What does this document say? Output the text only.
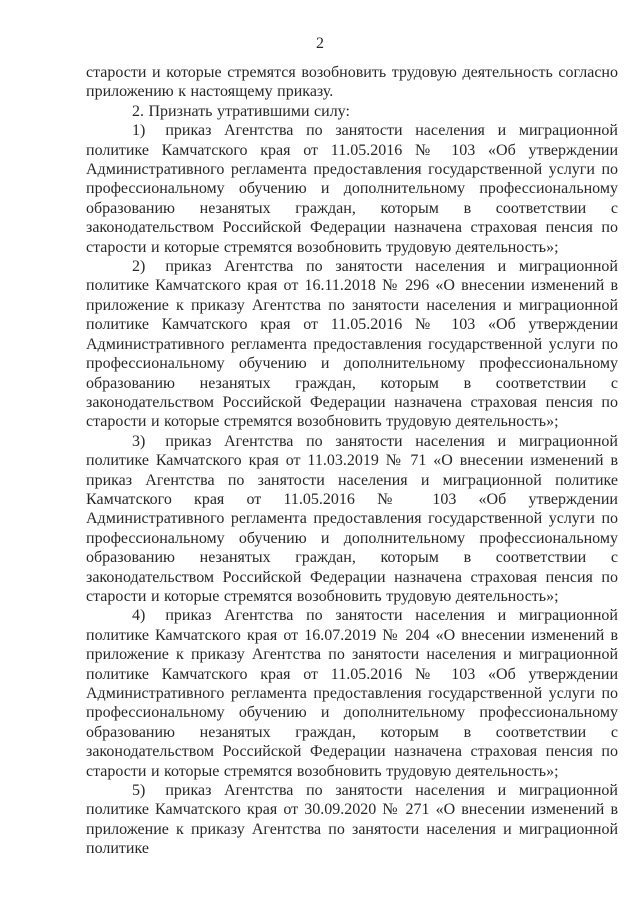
2

старости и которые стремятся возобновить трудовую деятельность согласно приложению к настоящему приказу.

2. Признать утратившими силу:

1) приказ Агентства по занятости населения и миграционной политике Камчатского края от 11.05.2016 № 103 «Об утверждении Административного регламента предоставления государственной услуги по профессиональному обучению и дополнительному профессиональному образованию незанятых граждан, которым в соответствии с законодательством Российской Федерации назначена страховая пенсия по старости и которые стремятся возобновить трудовую деятельность»;

2) приказ Агентства по занятости населения и миграционной политике Камчатского края от 16.11.2018 № 296 «О внесении изменений в приложение к приказу Агентства по занятости населения и миграционной политике Камчатского края от 11.05.2016 № 103 «Об утверждении Административного регламента предоставления государственной услуги по профессиональному обучению и дополнительному профессиональному образованию незанятых граждан, которым в соответствии с законодательством Российской Федерации назначена страховая пенсия по старости и которые стремятся возобновить трудовую деятельность»;

3) приказ Агентства по занятости населения и миграционной политике Камчатского края от 11.03.2019 № 71 «О внесении изменений в приказ Агентства по занятости населения и миграционной политике Камчатского края от 11.05.2016 № 103 «Об утверждении Административного регламента предоставления государственной услуги по профессиональному обучению и дополнительному профессиональному образованию незанятых граждан, которым в соответствии с законодательством Российской Федерации назначена страховая пенсия по старости и которые стремятся возобновить трудовую деятельность»;

4) приказ Агентства по занятости населения и миграционной политике Камчатского края от 16.07.2019 № 204 «О внесении изменений в приложение к приказу Агентства по занятости населения и миграционной политике Камчатского края от 11.05.2016 № 103 «Об утверждении Административного регламента предоставления государственной услуги по профессиональному обучению и дополнительному профессиональному образованию незанятых граждан, которым в соответствии с законодательством Российской Федерации назначена страховая пенсия по старости и которые стремятся возобновить трудовую деятельность»;

5) приказ Агентства по занятости населения и миграционной политике Камчатского края от 30.09.2020 № 271 «О внесении изменений в приложение к приказу Агентства по занятости населения и миграционной политике
